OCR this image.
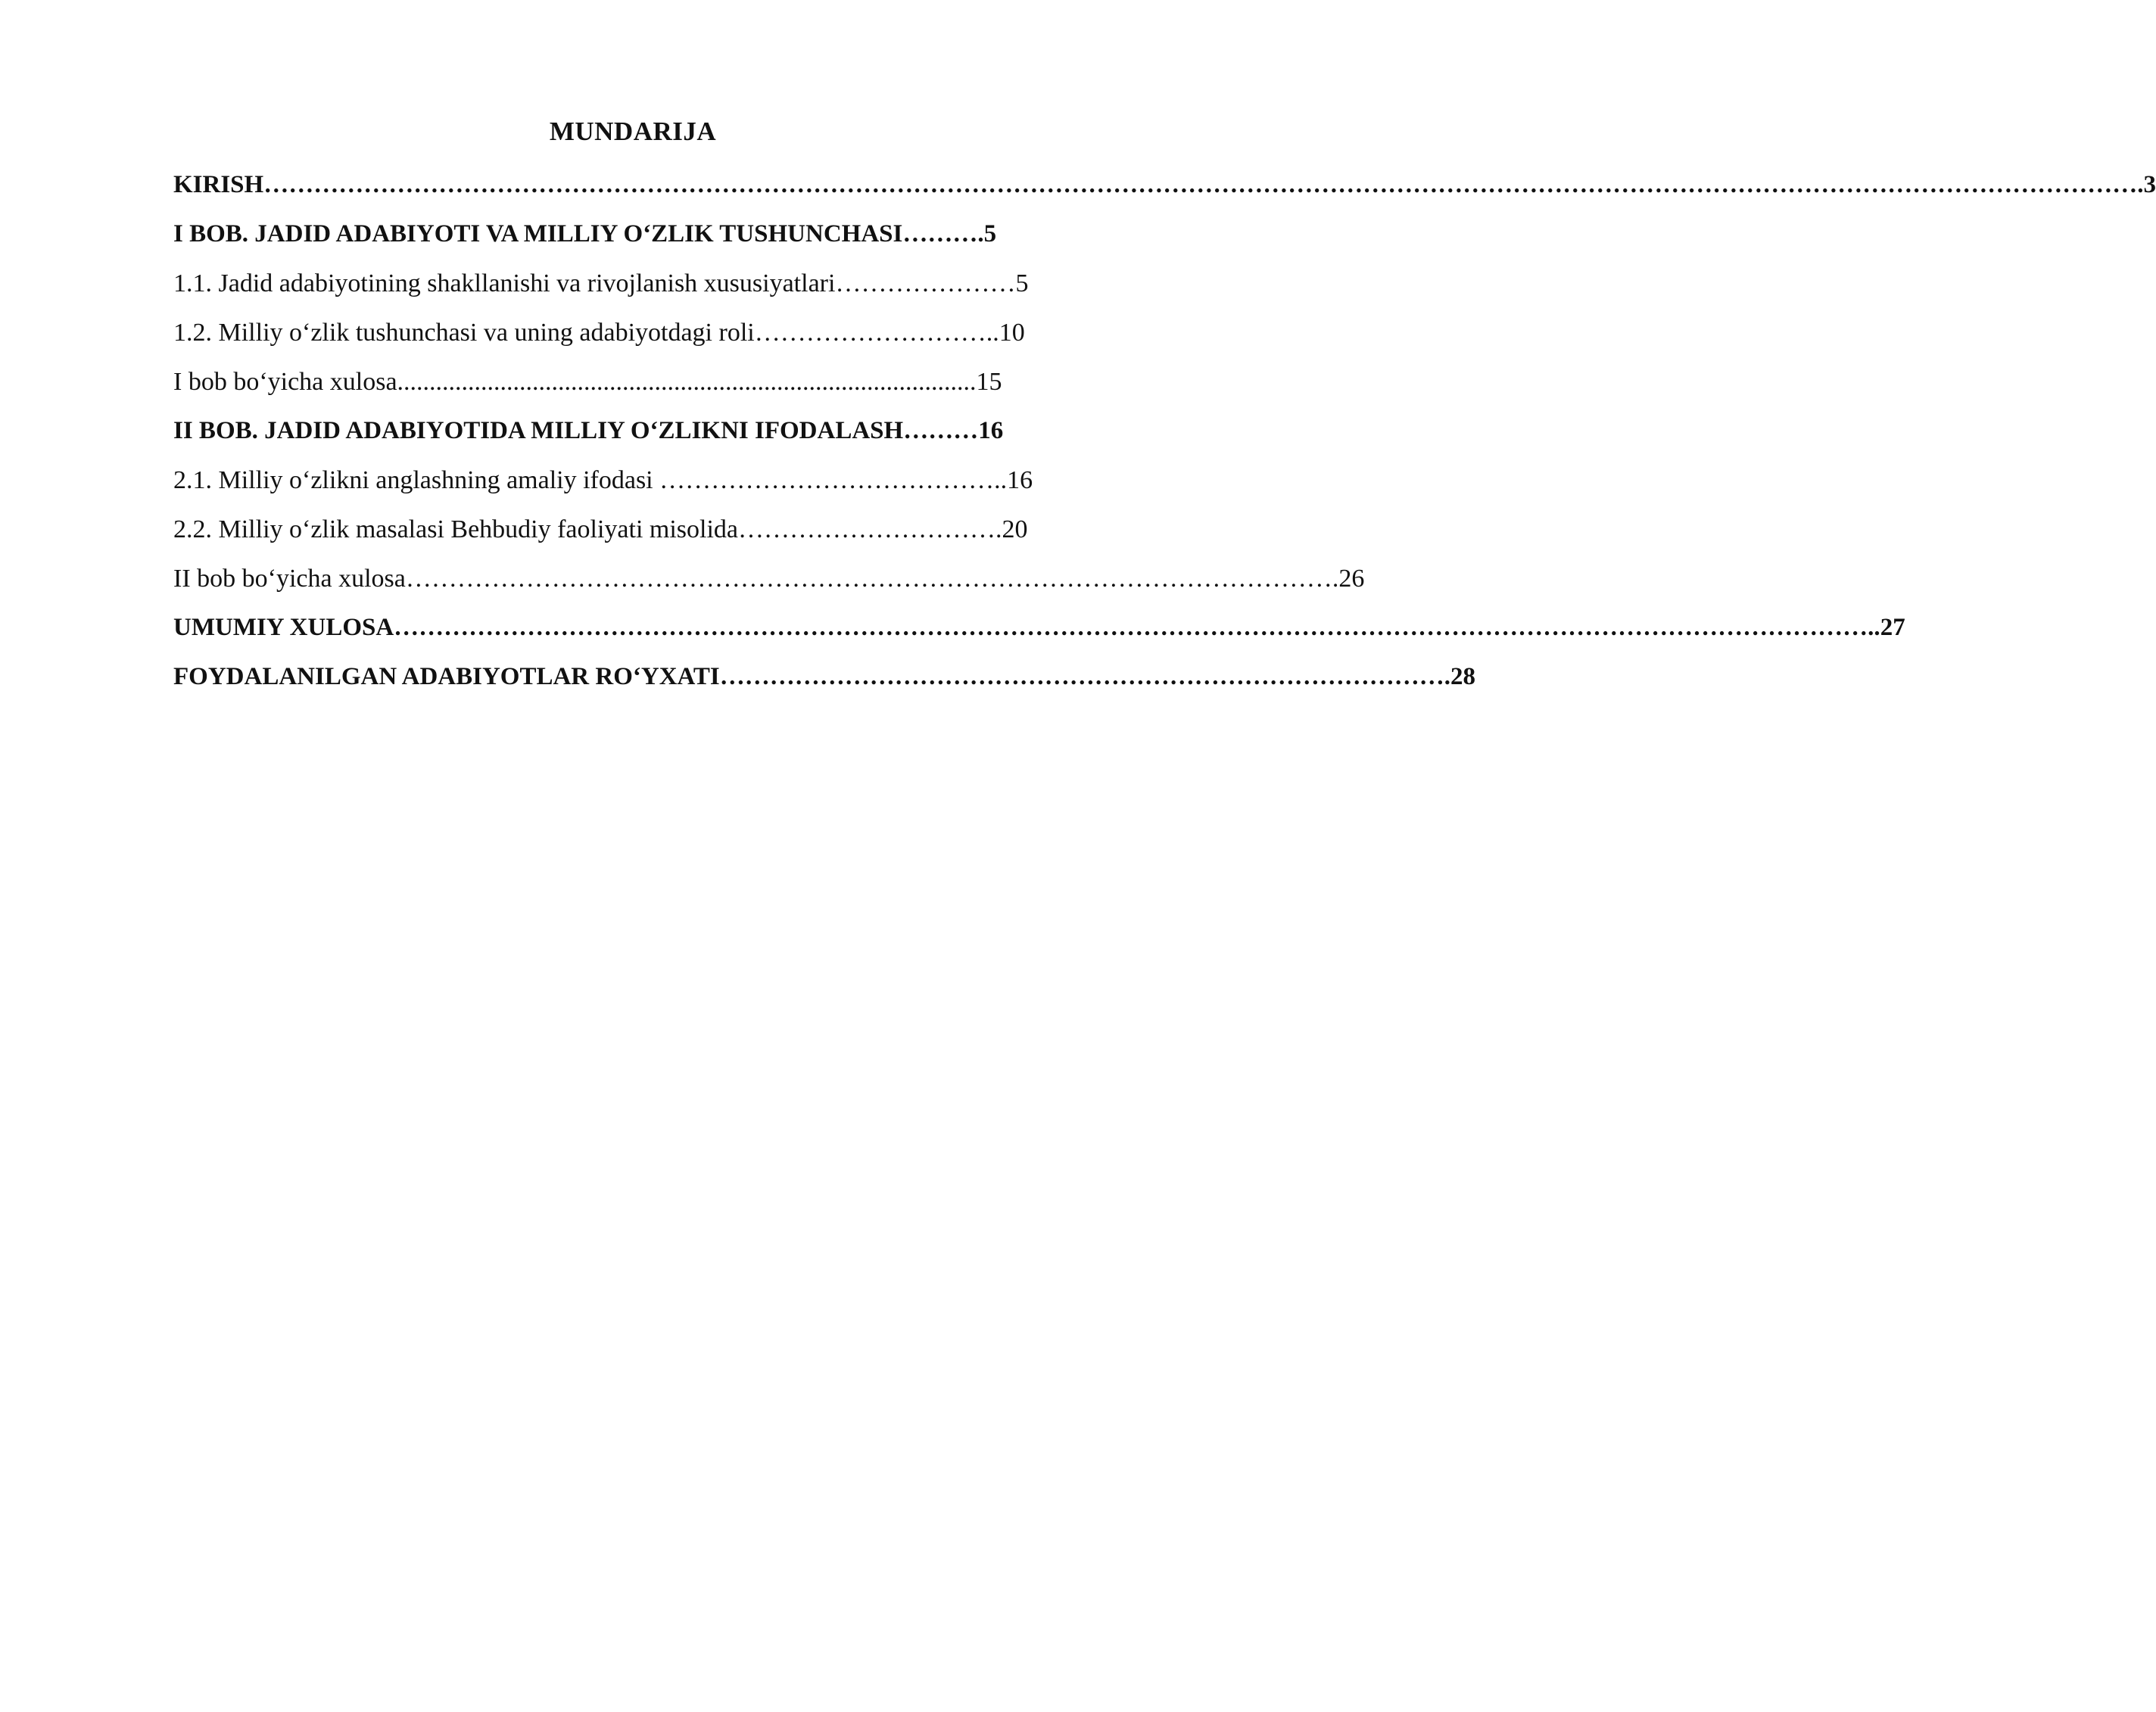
MUNDARIJA
KIRISH……………………………………………………………………………………………………………………………………………………………………………………………………….3
I BOB. JADID ADABIYOTI VA MILLIY O‘ZLIK TUSHUNCHASI……….5
1.1. Jadid adabiyotining shakllanishi va rivojlanish xususiyatlari…………………5
1.2. Milliy o‘zlik tushunchasi va uning adabiyotdagi roli………………………..10
I bob bo‘yicha xulosa..........................................................................................15
II BOB. JADID ADABIYOTIDA MILLIY O‘ZLIKNI IFODALASH………16
2.1. Milliy o‘zlikni anglashning amaliy ifodasi …………………………………..16
2.2. Milliy o‘zlik masalasi Behbudiy faoliyati misolida………………………….20
II bob bo‘yicha xulosa……………………………………………………………………………………………….26
UMUMIY XULOSA……………………………………………………………………………………………………………………………………………………………..27
FOYDALANILGAN ADABIYOTLAR RO‘YXATI…………………………………………………………………………….28
